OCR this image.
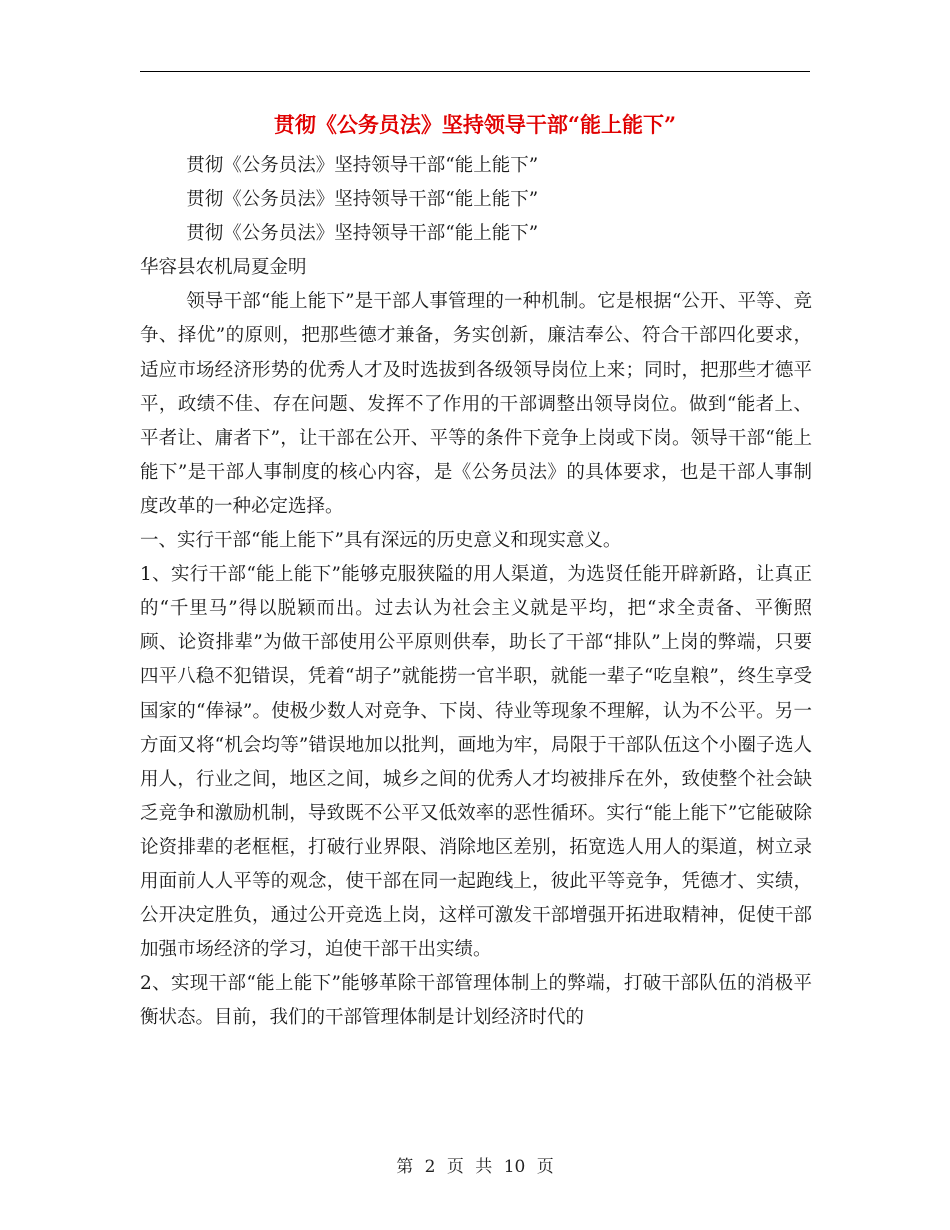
贯彻《公务员法》坚持领导干部“能上能下”

贯彻《公务员法》坚持领导干部“能上能下”

贯彻《公务员法》坚持领导干部“能上能下”

贯彻《公务员法》坚持领导干部“能上能下”

华容县农机局夏金明

领导干部“能上能下”是干部人事管理的一种机制。它是根据“公开、平等、竞争、择优”的原则，把那些德才兼备，务实创新，廉洁奉公、符合干部四化要求，适应市场经济形势的优秀人才及时选拔到各级领导岗位上来；同时，把那些才德平平，政绩不佳、存在问题、发挥不了作用的干部调整出领导岗位。做到“能者上、平者让、庸者下”，让干部在公开、平等的条件下竞争上岗或下岗。领导干部“能上能下”是干部人事制度的核心内容，是《公务员法》的具体要求，也是干部人事制度改革的一种必定选择。

一、实行干部“能上能下”具有深远的历史意义和现实意义。

1、实行干部“能上能下”能够克服狭隘的用人渠道，为选贤任能开辟新路，让真正的“千里马”得以脱颖而出。过去认为社会主义就是平均，把“求全责备、平衡照顾、论资排辈”为做干部使用公平原则供奉，助长了干部“排队”上岗的弊端，只要四平八稳不犯错误，凭着“胡子”就能捞一官半职，就能一辈子“吃皇粮”，终生享受国家的“俸禄”。使极少数人对竞争、下岗、待业等现象不理解，认为不公平。另一方面又将“机会均等”错误地加以批判，画地为牢，局限于干部队伍这个小圈子选人用人，行业之间，地区之间，城乡之间的优秀人才均被排斥在外，致使整个社会缺乏竞争和激励机制，导致既不公平又低效率的恶性循环。实行“能上能下”它能破除论资排辈的老框框，打破行业界限、消除地区差别，拓宽选人用人的渠道，树立录用面前人人平等的观念，使干部在同一起跑线上，彼此平等竞争，凭德才、实绩，公开决定胜负，通过公开竞选上岗，这样可激发干部增强开拓进取精神，促使干部加强市场经济的学习，迫使干部干出实绩。

2、实现干部“能上能下”能够革除干部管理体制上的弊端，打破干部队伍的消极平衡状态。目前，我们的干部管理体制是计划经济时代的

第 2 页 共 10 页
